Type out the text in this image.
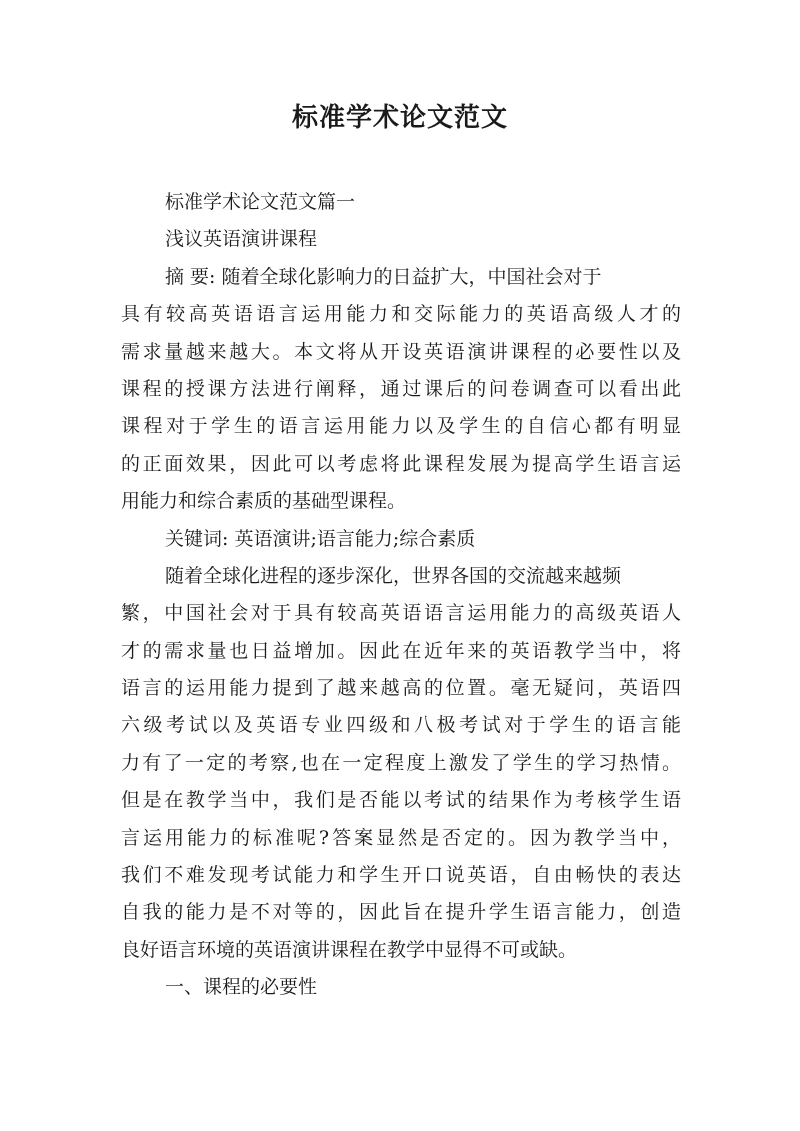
标准学术论文范文
标准学术论文范文篇一
浅议英语演讲课程
摘 要: 随着全球化影响力的日益扩大，中国社会对于
具有较高英语语言运用能力和交际能力的英语高级人才的
需求量越来越大。本文将从开设英语演讲课程的必要性以及
课程的授课方法进行阐释，通过课后的问卷调查可以看出此
课程对于学生的语言运用能力以及学生的自信心都有明显
的正面效果，因此可以考虑将此课程发展为提高学生语言运
用能力和综合素质的基础型课程。
关键词: 英语演讲;语言能力;综合素质
随着全球化进程的逐步深化，世界各国的交流越来越频
繁，中国社会对于具有较高英语语言运用能力的高级英语人
才的需求量也日益增加。因此在近年来的英语教学当中，将
语言的运用能力提到了越来越高的位置。毫无疑问，英语四
六级考试以及英语专业四级和八极考试对于学生的语言能
力有了一定的考察,也在一定程度上激发了学生的学习热情。
但是在教学当中，我们是否能以考试的结果作为考核学生语
言运用能力的标准呢?答案显然是否定的。因为教学当中，
我们不难发现考试能力和学生开口说英语，自由畅快的表达
自我的能力是不对等的，因此旨在提升学生语言能力，创造
良好语言环境的英语演讲课程在教学中显得不可或缺。
一、课程的必要性
